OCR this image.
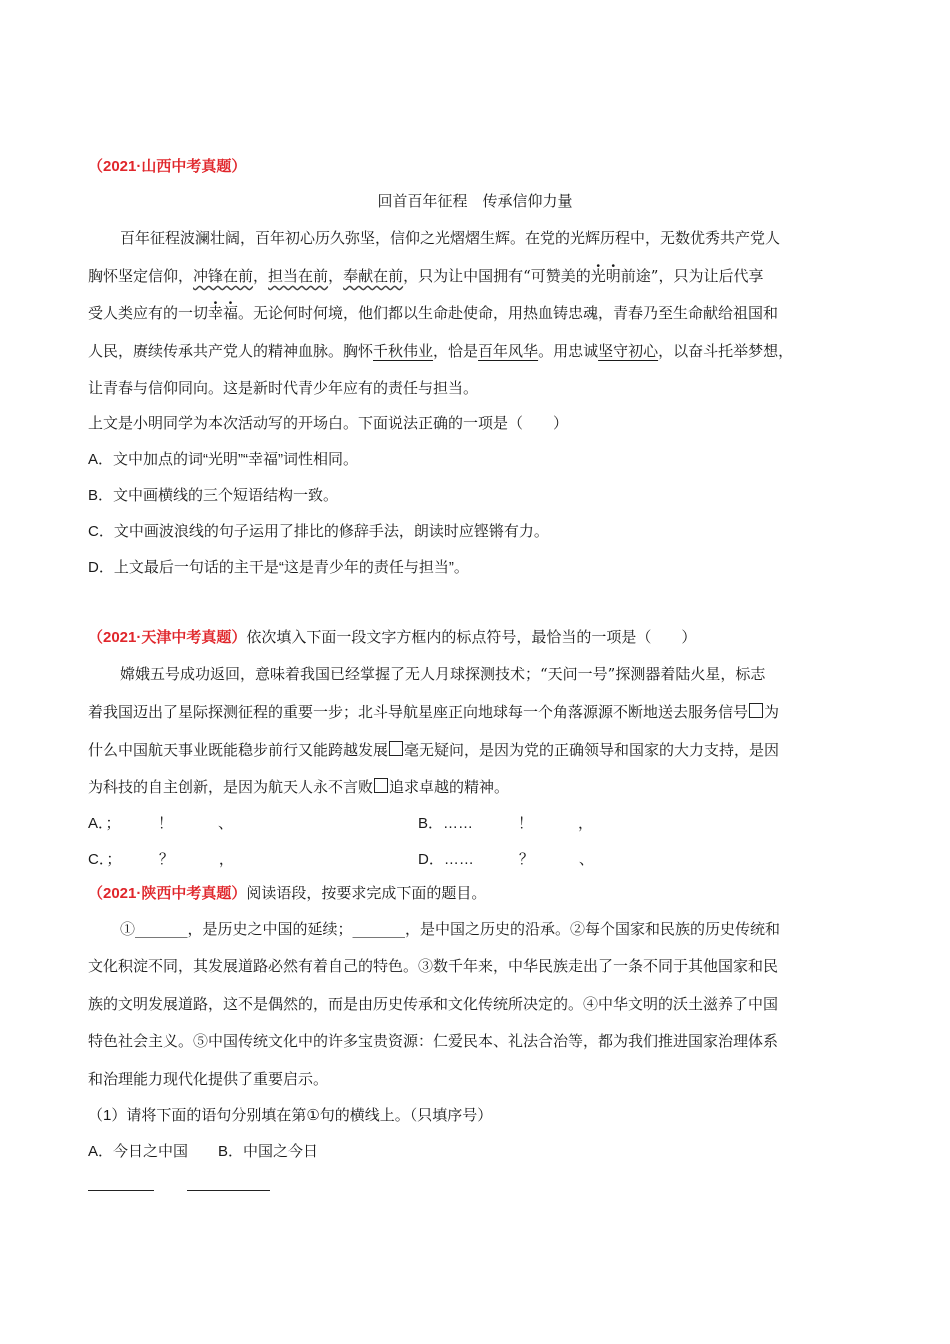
（2021·山西中考真题）
回首百年征程　传承信仰力量
百年征程波澜壮阔，百年初心历久弥坚，信仰之光熠熠生辉。在党的光辉历程中，无数优秀共产党人
胸怀坚定信仰，冲锋在前，担当在前，奉献在前，只为让中国拥有“可赞美的光明前途”，只为让后代享
受人类应有的一切幸福。无论何时何境，他们都以生命赴使命，用热血铸忠魂，青春乃至生命献给祖国和
人民，赓续传承共产党人的精神血脉。胸怀千秋伟业，恰是百年风华。用忠诚坚守初心，以奋斗托举梦想，
让青春与信仰同向。这是新时代青少年应有的责任与担当。
上文是小明同学为本次活动写的开场白。下面说法正确的一项是（　　）
A．文中加点的词“光明”“幸福”词性相同。
B．文中画横线的三个短语结构一致。
C．文中画波浪线的句子运用了排比的修辞手法，朗读时应铿锵有力。
D．上文最后一句话的主干是“这是青少年的责任与担当”。
（2021·天津中考真题）依次填入下面一段文字方框内的标点符号，最恰当的一项是（　　）
嫦娥五号成功返回，意味着我国已经掌握了无人月球探测技术；“天问一号”探测器着陆火星，标志
着我国迈出了星际探测征程的重要一步；北斗导航星座正向地球每一个角落源源不断地送去服务信号 为
什么中国航天事业既能稳步前行又能跨越发展 毫无疑问，是因为党的正确领导和国家的大力支持，是因
为科技的自主创新，是因为航天人永不言败 追求卓越的精神。
A．；　　　！　　　、	B．……　　　！　　　，
C．；　　　？　　　，	D．……　　　？　　　、
（2021·陕西中考真题）阅读语段，按要求完成下面的题目。
①_______，是历史之中国的延续；_______，是中国之历史的沿承。②每个国家和民族的历史传统和
文化积淀不同，其发展道路必然有着自己的特色。③数千年来，中华民族走出了一条不同于其他国家和民
族的文明发展道路，这不是偶然的，而是由历史传承和文化传统所决定的。④中华文明的沃土滋养了中国
特色社会主义。⑤中国传统文化中的许多宝贵资源：仁爱民本、礼法合治等，都为我们推进国家治理体系
和治理能力现代化提供了重要启示。
（1）请将下面的语句分别填在第①句的横线上。（只填序号）
A．今日之中国　　B．中国之今日
